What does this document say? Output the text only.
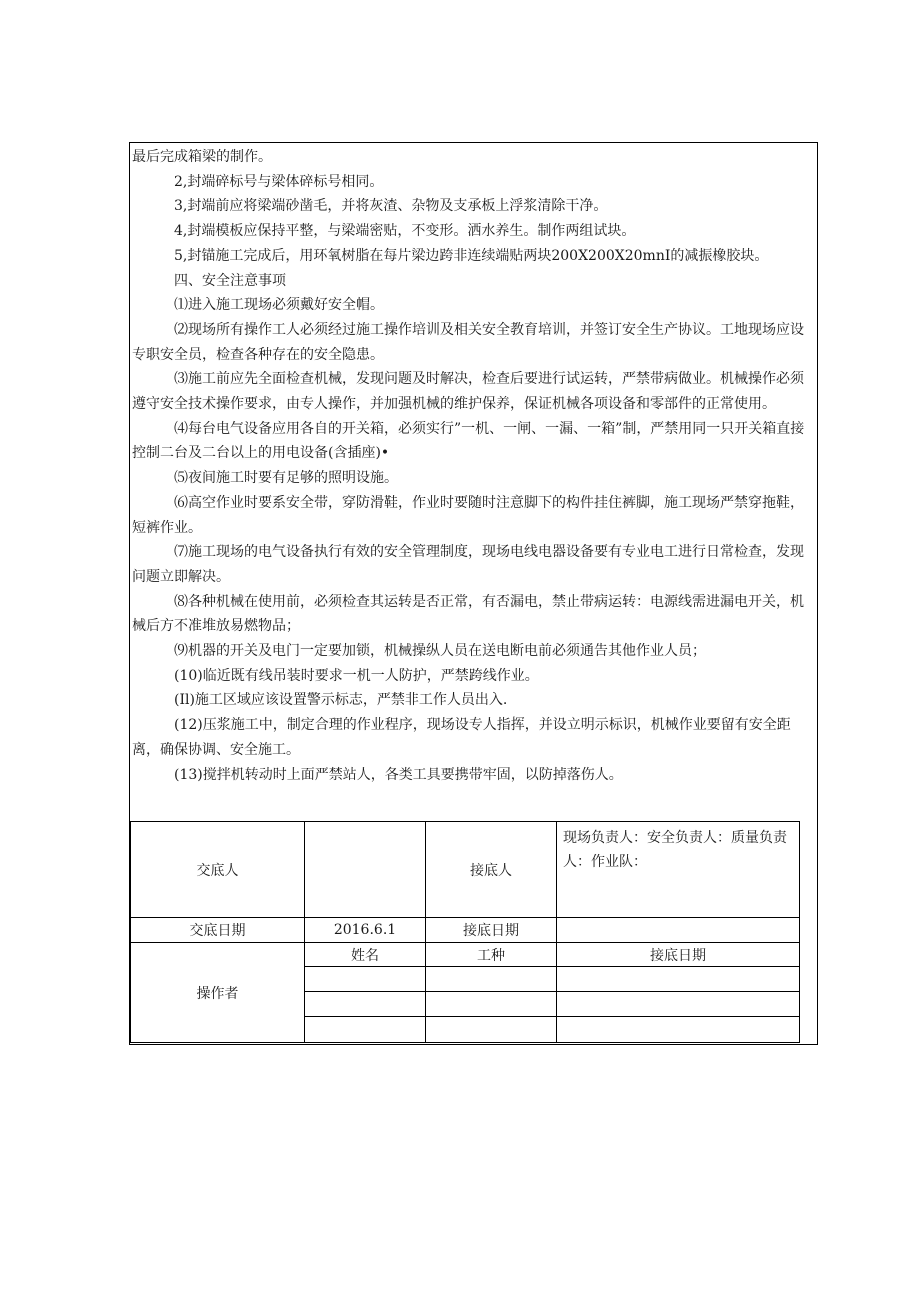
最后完成箱梁的制作。

2,封端碎标号与梁体碎标号相同。

3,封端前应将梁端砂凿毛，并将灰渣、杂物及支承板上浮浆清除干净。

4,封端模板应保持平整，与梁端密贴，不变形。洒水养生。制作两组试块。

5,封锚施工完成后，用环氧树脂在每片梁边跨非连续端贴两块200X200X20mnI的减振橡胶块。

四、安全注意事项

⑴进入施工现场必须戴好安全帽。

⑵现场所有操作工人必须经过施工操作培训及相关安全教育培训，并签订安全生产协议。工地现场应设专职安全员，检查各种存在的安全隐患。

⑶施工前应先全面检查机械，发现问题及时解决，检查后要进行试运转，严禁带病做业。机械操作必须遵守安全技术操作要求，由专人操作，并加强机械的维护保养，保证机械各项设备和零部件的正常使用。

⑷每台电气设备应用各自的开关箱，必须实行”一机、一闸、一漏、一箱”制，严禁用同一只开关箱直接控制二台及二台以上的用电设备(含插座)•

⑸夜间施工时要有足够的照明设施。

⑹高空作业时要系安全带，穿防滑鞋，作业时要随时注意脚下的构件挂住裤脚，施工现场严禁穿拖鞋，短裤作业。

⑺施工现场的电气设备执行有效的安全管理制度，现场电线电器设备要有专业电工进行日常检查，发现问题立即解决。

⑻各种机械在使用前，必须检查其运转是否正常，有否漏电，禁止带病运转：电源线需进漏电开关，机械后方不准堆放易燃物品；

⑼机器的开关及电门一定要加锁，机械操纵人员在送电断电前必须通告其他作业人员；

(10)临近既有线吊装时要求一机一人防护，严禁跨线作业。

(Il)施工区域应该设置警示标志，严禁非工作人员出入.

(12)压浆施工中，制定合理的作业程序，现场设专人指挥，并设立明示标识，机械作业要留有安全距离，确保协调、安全施工。

(13)搅拌机转动时上面严禁站人，各类工具要携带牢固，以防掉落伤人。

交底人		接底人	现场负责人：安全负责人：质量负责人：作业队：
交底日期	2016.6.1	接底日期	
操作者	姓名	工种	接底日期
